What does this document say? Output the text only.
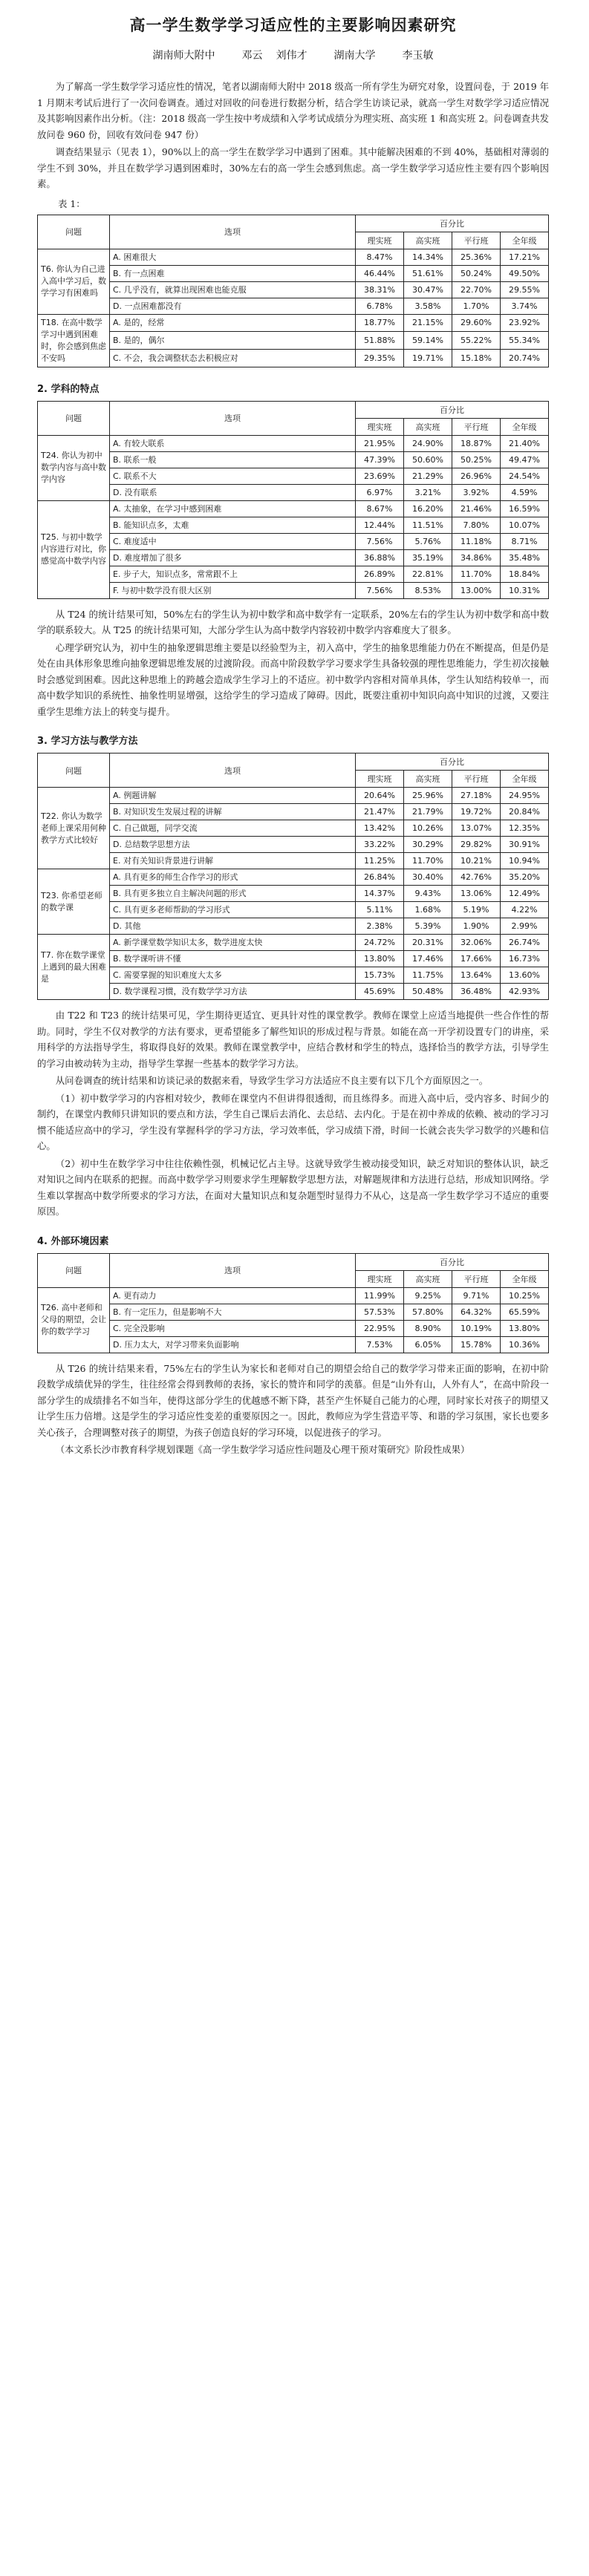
高一学生数学学习适应性的主要影响因素研究
湖南师大附中	邓云 刘伟才	湖南大学	李玉敏

为了解高一学生数学学习适应性的情况，笔者以湖南师大附中 2018 级高一所有学生为研究对象，设置问卷，于 2019 年 1 月期末考试后进行了一次问卷调查。通过对回收的问卷进行数据分析，结合学生访谈记录，就高一学生对数学学习适应情况及其影响因素作出分析。（注：2018 级高一学生按中考成绩和入学考试成绩分为理实班、高实班 1 和高实班 2。问卷调查共发放问卷 960 份，回收有效问卷 947 份）

调查结果显示（见表 1），90%以上的高一学生在数学学习中遇到了困难。其中能解决困难的不到 40%，基础相对薄弱的学生不到 30%，并且在数学学习遇到困难时，30%左右的高一学生会感到焦虑。高一学生数学学习适应性主要有四个影响因素。

表 1：
问题	选项	百分比			
		理实班	高实班	平行班	全年级
T6. 你认为自己进入高中学习后，数学学习有困难吗	A. 困难很大	8.47%	14.34%	25.36%	17.21%
	B. 有一点困难	46.44%	51.61%	50.24%	49.50%
	C. 几乎没有，就算出现困难也能克服	38.31%	30.47%	22.70%	29.55%
	D. 一点困难都没有	6.78%	3.58%	1.70%	3.74%
T18. 在高中数学学习中遇到困难时，你会感到焦虑不安吗	A. 是的，经常	18.77%	21.15%	29.60%	23.92%
	B. 是的，偶尔	51.88%	59.14%	55.22%	55.34%
	C. 不会，我会调整状态去积极应对	29.35%	19.71%	15.18%	20.74%
2. 学科的特点
问题	选项	百分比			
		理实班	高实班	平行班	全年级
T24. 你认为初中数学内容与高中数学内容	A. 有较大联系	21.95%	24.90%	18.87%	21.40%
	B. 联系一般	47.39%	50.60%	50.25%	49.47%
	C. 联系不大	23.69%	21.29%	26.96%	24.54%
	D. 没有联系	6.97%	3.21%	3.92%	4.59%
T25. 与初中数学内容进行对比，你感觉高中数学内容	A. 太抽象，在学习中感到困难	8.67%	16.20%	21.46%	16.59%
	B. 能知识点多，太难	12.44%	11.51%	7.80%	10.07%
	C. 难度适中	7.56%	5.76%	11.18%	8.71%
	D. 难度增加了很多	36.88%	35.19%	34.86%	35.48%
	E. 步子大，知识点多，常常跟不上	26.89%	22.81%	11.70%	18.84%
	F. 与初中数学没有很大区别	7.56%	8.53%	13.00%	10.31%

从 T24 的统计结果可知，50%左右的学生认为初中数学和高中数学有一定联系，20%左右的学生认为初中数学和高中数学的联系较大。从 T25 的统计结果可知，大部分学生认为高中数学内容较初中数学内容难度大了很多。

心理学研究认为，初中生的抽象逻辑思维主要是以经验型为主，初入高中，学生的抽象思维能力仍在不断提高，但是仍是处在由具体形象思维向抽象逻辑思维发展的过渡阶段。而高中阶段数学学习要求学生具备较强的理性思维能力，学生初次接触时会感觉到困难。因此这种思维上的跨越会造成学生学习上的不适应。初中数学内容相对简单具体，学生认知结构较单一，而高中数学知识的系统性、抽象性明显增强，这给学生的学习造成了障碍。因此，既要注重初中知识向高中知识的过渡，又要注重学生思维方法上的转变与提升。

3. 学习方法与教学方法
问题	选项	百分比			
		理实班	高实班	平行班	全年级
T22. 你认为数学老师上课采用何种教学方式比较好	A. 例题讲解	20.64%	25.96%	27.18%	24.95%
	B. 对知识发生发展过程的讲解	21.47%	21.79%	19.72%	20.84%
	C. 自己做题，同学交流	13.42%	10.26%	13.07%	12.35%
	D. 总结数学思想方法	33.22%	30.29%	29.82%	30.91%
	E. 对有关知识背景进行讲解	11.25%	11.70%	10.21%	10.94%
T23. 你希望老师的数学课	A. 具有更多的师生合作学习的形式	26.84%	30.40%	42.76%	35.20%
	B. 具有更多独立自主解决问题的形式	14.37%	9.43%	13.06%	12.49%
	C. 具有更多老师帮助的学习形式	5.11%	1.68%	5.19%	4.22%
	D. 其他	2.38%	5.39%	1.90%	2.99%
T7. 你在数学课堂上遇到的最大困难是	A. 新学课堂数学知识太多，数学进度太快	24.72%	20.31%	32.06%	26.74%
	B. 数学课听讲不懂	13.80%	17.46%	17.66%	16.73%
	C. 需要掌握的知识难度大太多	15.73%	11.75%	13.64%	13.60%
	D. 数学课程习惯，没有数学学习方法	45.69%	50.48%	36.48%	42.93%

由 T22 和 T23 的统计结果可见，学生期待更适宜、更具针对性的课堂教学。教师在课堂上应适当地提供一些合作性的帮助。同时，学生不仅对教学的方法有要求，更希望能多了解些知识的形成过程与背景。如能在高一开学初设置专门的讲座，采用科学的方法指导学生，将取得良好的效果。教师在课堂教学中，应结合教材和学生的特点，选择恰当的教学方法，引导学生的学习由被动转为主动，指导学生掌握一些基本的数学学习方法。

从问卷调查的统计结果和访谈记录的数据来看，导致学生学习方法适应不良主要有以下几个方面原因之一。

（1）初中数学学习的内容相对较少，教师在课堂内不但讲得很透彻，而且练得多。而进入高中后，受内容多、时间少的制约，在课堂内教师只讲知识的要点和方法，学生自己课后去消化、去总结、去内化。于是在初中养成的依赖、被动的学习习惯不能适应高中的学习，学生没有掌握科学的学习方法，学习效率低，学习成绩下滑，时间一长就会丧失学习数学的兴趣和信心。

（2）初中生在数学学习中往往依赖性强，机械记忆占主导。这就导致学生被动接受知识，缺乏对知识的整体认识，缺乏对知识之间内在联系的把握。而高中数学学习则要求学生理解数学思想方法，对解题规律和方法进行总结，形成知识网络。学生难以掌握高中数学所要求的学习方法，在面对大量知识点和复杂题型时显得力不从心，这是高一学生数学学习不适应的重要原因。

4. 外部环境因素
问题	选项	百分比			
		理实班	高实班	平行班	全年级
T26. 高中老师和父母的期望，会让你的数学学习	A. 更有动力	11.99%	9.25%	9.71%	10.25%
	B. 有一定压力，但是影响不大	57.53%	57.80%	64.32%	65.59%
	C. 完全没影响	22.95%	8.90%	10.19%	13.80%
	D. 压力太大，对学习带来负面影响	7.53%	6.05%	15.78%	10.36%

从 T26 的统计结果来看，75%左右的学生认为家长和老师对自己的期望会给自己的数学学习带来正面的影响，在初中阶段数学成绩优异的学生，往往经常会得到教师的表扬，家长的赞许和同学的羡慕。但是“山外有山，人外有人”，在高中阶段一部分学生的成绩排名不如当年，使得这部分学生的优越感不断下降，甚至产生怀疑自己能力的心理，同时家长对孩子的期望又让学生压力倍增。这是学生的学习适应性变差的重要原因之一。因此，教师应为学生营造平等、和谐的学习氛围，家长也要多关心孩子，合理调整对孩子的期望，为孩子创造良好的学习环境，以促进孩子的学习。

（本文系长沙市教育科学规划课题《高一学生数学学习适应性问题及心理干预对策研究》阶段性成果）
